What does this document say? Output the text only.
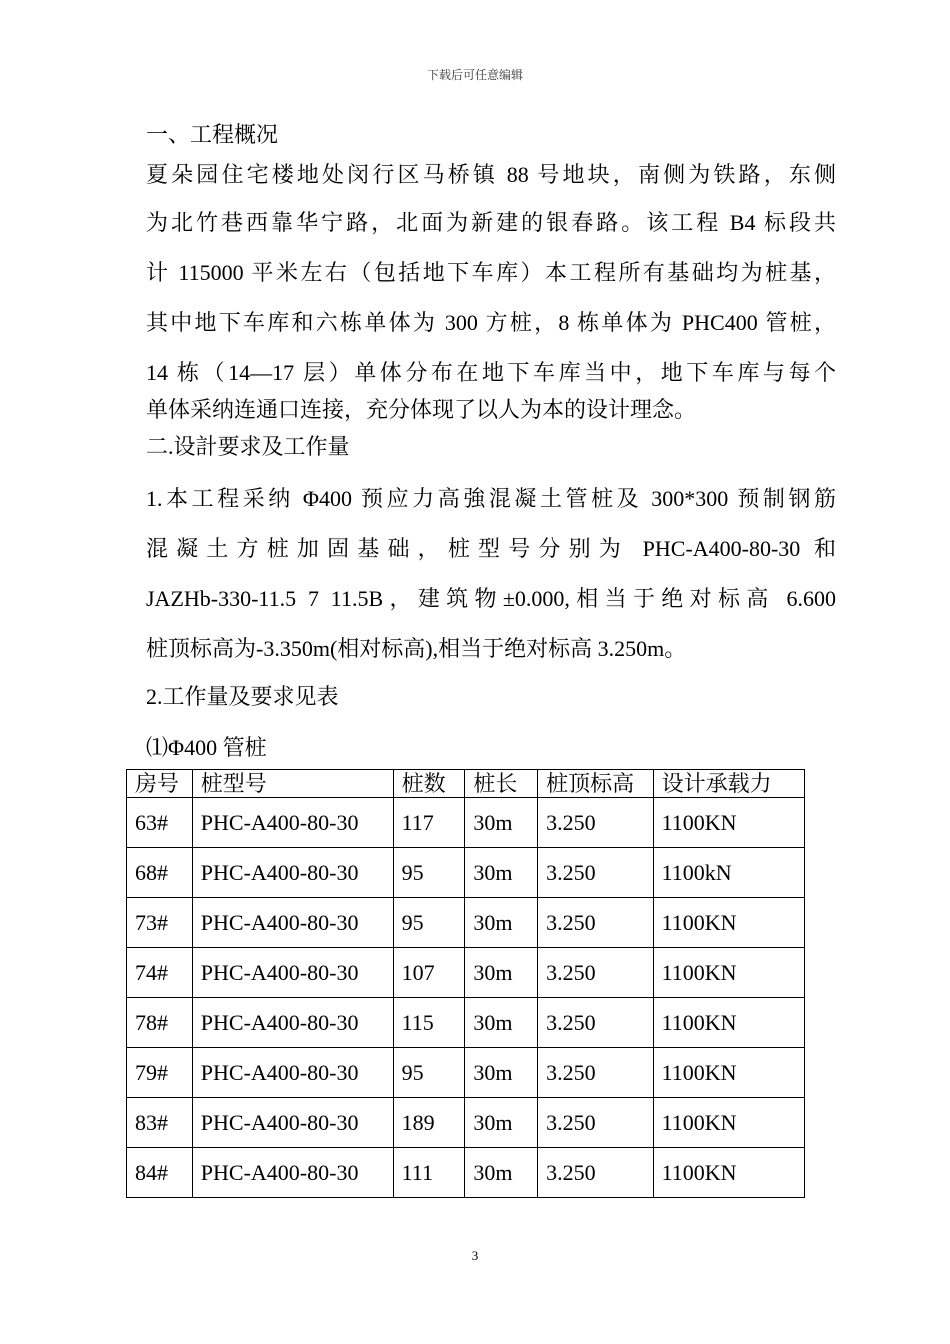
下载后可任意编辑
一、工程概况
夏朵园住宅楼地处闵行区马桥镇 88 号地块，南侧为铁路，东侧
为北竹巷西靠华宁路，北面为新建的银春路。该工程 B4 标段共
计 115000 平米左右（包括地下车库）本工程所有基础均为桩基，
其中地下车库和六栋单体为 300 方桩，8 栋单体为 PHC400 管桩，
14 栋（14—17 层）单体分布在地下车库当中，地下车库与每个
单体采纳连通口连接，充分体现了以人为本的设计理念。
二.设計要求及工作量
1.本工程采纳 Φ400 预应力高強混凝土管桩及 300*300 预制钢筋
混凝土方桩加固基础，桩型号分别为 PHC-A400-80-30 和
JAZHb-330-11.5 7 11.5B，建筑物±0.000,相当于绝对标高 6.600
桩顶标高为-3.350m(相对标高),相当于绝对标高 3.250m。
2.工作量及要求见表
⑴Φ400 管桩
房号	桩型号	桩数	桩长	桩顶标高	设计承载力
63#	PHC-A400-80-30	117	30m	3.250	1100KN
68#	PHC-A400-80-30	95	30m	3.250	1100kN
73#	PHC-A400-80-30	95	30m	3.250	1100KN
74#	PHC-A400-80-30	107	30m	3.250	1100KN
78#	PHC-A400-80-30	115	30m	3.250	1100KN
79#	PHC-A400-80-30	95	30m	3.250	1100KN
83#	PHC-A400-80-30	189	30m	3.250	1100KN
84#	PHC-A400-80-30	111	30m	3.250	1100KN
3
